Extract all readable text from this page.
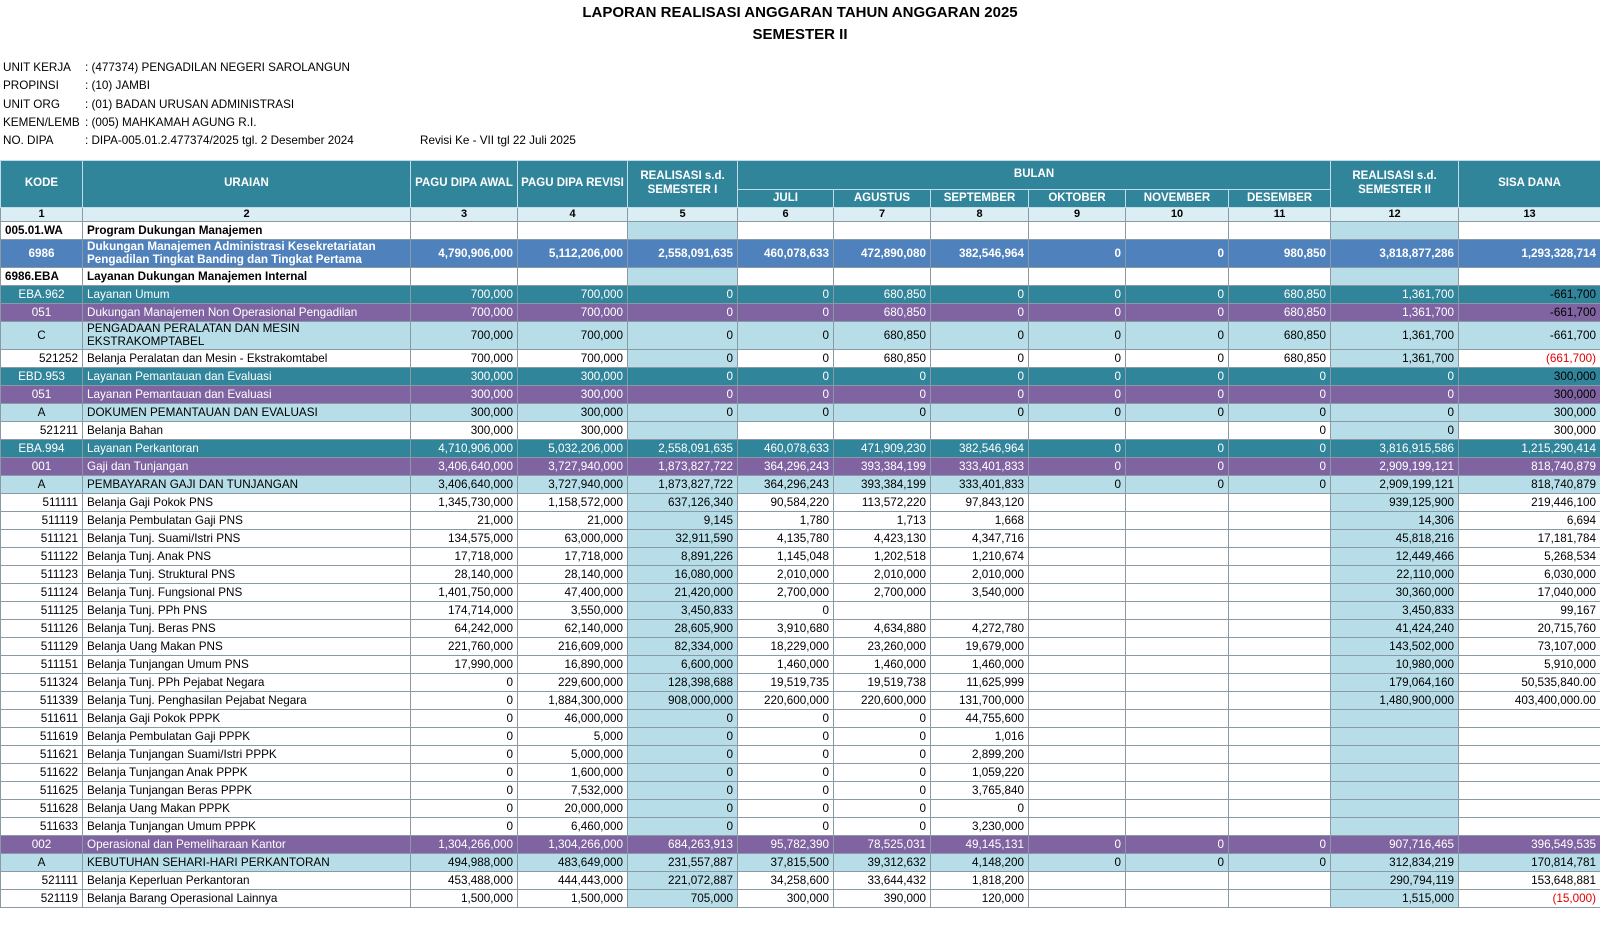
LAPORAN REALISASI ANGGARAN TAHUN ANGGARAN 2025
SEMESTER II
UNIT KERJA : (477374) PENGADILAN NEGERI SAROLANGUN
PROPINSI : (10) JAMBI
UNIT ORG : (01) BADAN URUSAN ADMINISTRASI
KEMEN/LEMB : (005) MAHKAMAH AGUNG R.I.
NO. DIPA	: DIPA-005.01.2.477374/2025 tgl. 2 Desember 2024	Revisi Ke - VII tgl 22 Juli 2025
KODE	URAIAN	PAGU DIPA AWAL	PAGU DIPA REVISI	REALISASI s.d. SEMESTER I	BULAN						REALISASI s.d. SEMESTER II	SISA DANA
					JULI	AGUSTUS	SEPTEMBER	OKTOBER	NOVEMBER	DESEMBER		
1	2	3	4	5	6	7	8	9	10	11	12	13
005.01.WA	Program Dukungan Manajemen											
6986	Dukungan Manajemen Administrasi Kesekretariatan Pengadilan Tingkat Banding dan Tingkat Pertama	4,790,906,000	5,112,206,000	2,558,091,635	460,078,633	472,890,080	382,546,964	0	0	980,850	3,818,877,286	1,293,328,714
6986.EBA	Layanan Dukungan Manajemen Internal											
EBA.962	Layanan Umum	700,000	700,000	0	0	680,850	0	0	0	680,850	1,361,700	-661,700
051	Dukungan Manajemen Non Operasional Pengadilan	700,000	700,000	0	0	680,850	0	0	0	680,850	1,361,700	-661,700
C	PENGADAAN PERALATAN DAN MESIN EKSTRAKOMPTABEL	700,000	700,000	0	0	680,850	0	0	0	680,850	1,361,700	-661,700
521252	Belanja Peralatan dan Mesin - Ekstrakomtabel	700,000	700,000	0	0	680,850	0	0	0	680,850	1,361,700	(661,700)
EBD.953	Layanan Pemantauan dan Evaluasi	300,000	300,000	0	0	0	0	0	0	0	0	300,000
051	Layanan Pemantauan dan Evaluasi	300,000	300,000	0	0	0	0	0	0	0	0	300,000
A	DOKUMEN PEMANTAUAN DAN EVALUASI	300,000	300,000	0	0	0	0	0	0	0	0	300,000
521211	Belanja Bahan	300,000	300,000							0	0	300,000
EBA.994	Layanan Perkantoran	4,710,906,000	5,032,206,000	2,558,091,635	460,078,633	471,909,230	382,546,964	0	0	0	3,816,915,586	1,215,290,414
001	Gaji dan Tunjangan	3,406,640,000	3,727,940,000	1,873,827,722	364,296,243	393,384,199	333,401,833	0	0	0	2,909,199,121	818,740,879
A	PEMBAYARAN GAJI DAN TUNJANGAN	3,406,640,000	3,727,940,000	1,873,827,722	364,296,243	393,384,199	333,401,833	0	0	0	2,909,199,121	818,740,879
511111	Belanja Gaji Pokok PNS	1,345,730,000	1,158,572,000	637,126,340	90,584,220	113,572,220	97,843,120				939,125,900	219,446,100
511119	Belanja Pembulatan Gaji PNS	21,000	21,000	9,145	1,780	1,713	1,668				14,306	6,694
511121	Belanja Tunj. Suami/Istri PNS	134,575,000	63,000,000	32,911,590	4,135,780	4,423,130	4,347,716				45,818,216	17,181,784
511122	Belanja Tunj. Anak PNS	17,718,000	17,718,000	8,891,226	1,145,048	1,202,518	1,210,674				12,449,466	5,268,534
511123	Belanja Tunj. Struktural PNS	28,140,000	28,140,000	16,080,000	2,010,000	2,010,000	2,010,000				22,110,000	6,030,000
511124	Belanja Tunj. Fungsional PNS	1,401,750,000	47,400,000	21,420,000	2,700,000	2,700,000	3,540,000				30,360,000	17,040,000
511125	Belanja Tunj. PPh PNS	174,714,000	3,550,000	3,450,833	0						3,450,833	99,167
511126	Belanja Tunj. Beras PNS	64,242,000	62,140,000	28,605,900	3,910,680	4,634,880	4,272,780				41,424,240	20,715,760
511129	Belanja Uang Makan PNS	221,760,000	216,609,000	82,334,000	18,229,000	23,260,000	19,679,000				143,502,000	73,107,000
511151	Belanja Tunjangan Umum PNS	17,990,000	16,890,000	6,600,000	1,460,000	1,460,000	1,460,000				10,980,000	5,910,000
511324	Belanja Tunj. PPh Pejabat Negara	0	229,600,000	128,398,688	19,519,735	19,519,738	11,625,999				179,064,160	50,535,840.00
511339	Belanja Tunj. Penghasilan Pejabat Negara	0	1,884,300,000	908,000,000	220,600,000	220,600,000	131,700,000				1,480,900,000	403,400,000.00
511611	Belanja Gaji Pokok PPPK	0	46,000,000	0	0	0	44,755,600					
511619	Belanja Pembulatan Gaji PPPK	0	5,000	0	0	0	1,016					
511621	Belanja Tunjangan Suami/Istri PPPK	0	5,000,000	0	0	0	2,899,200					
511622	Belanja Tunjangan Anak PPPK	0	1,600,000	0	0	0	1,059,220					
511625	Belanja Tunjangan Beras PPPK	0	7,532,000	0	0	0	3,765,840					
511628	Belanja Uang Makan PPPK	0	20,000,000	0	0	0	0					
511633	Belanja Tunjangan Umum PPPK	0	6,460,000	0	0	0	3,230,000					
002	Operasional dan Pemeliharaan Kantor	1,304,266,000	1,304,266,000	684,263,913	95,782,390	78,525,031	49,145,131	0	0	0	907,716,465	396,549,535
A	KEBUTUHAN SEHARI-HARI PERKANTORAN	494,988,000	483,649,000	231,557,887	37,815,500	39,312,632	4,148,200	0	0	0	312,834,219	170,814,781
521111	Belanja Keperluan Perkantoran	453,488,000	444,443,000	221,072,887	34,258,600	33,644,432	1,818,200				290,794,119	153,648,881
521119	Belanja Barang Operasional Lainnya	1,500,000	1,500,000	705,000	300,000	390,000	120,000				1,515,000	(15,000)
